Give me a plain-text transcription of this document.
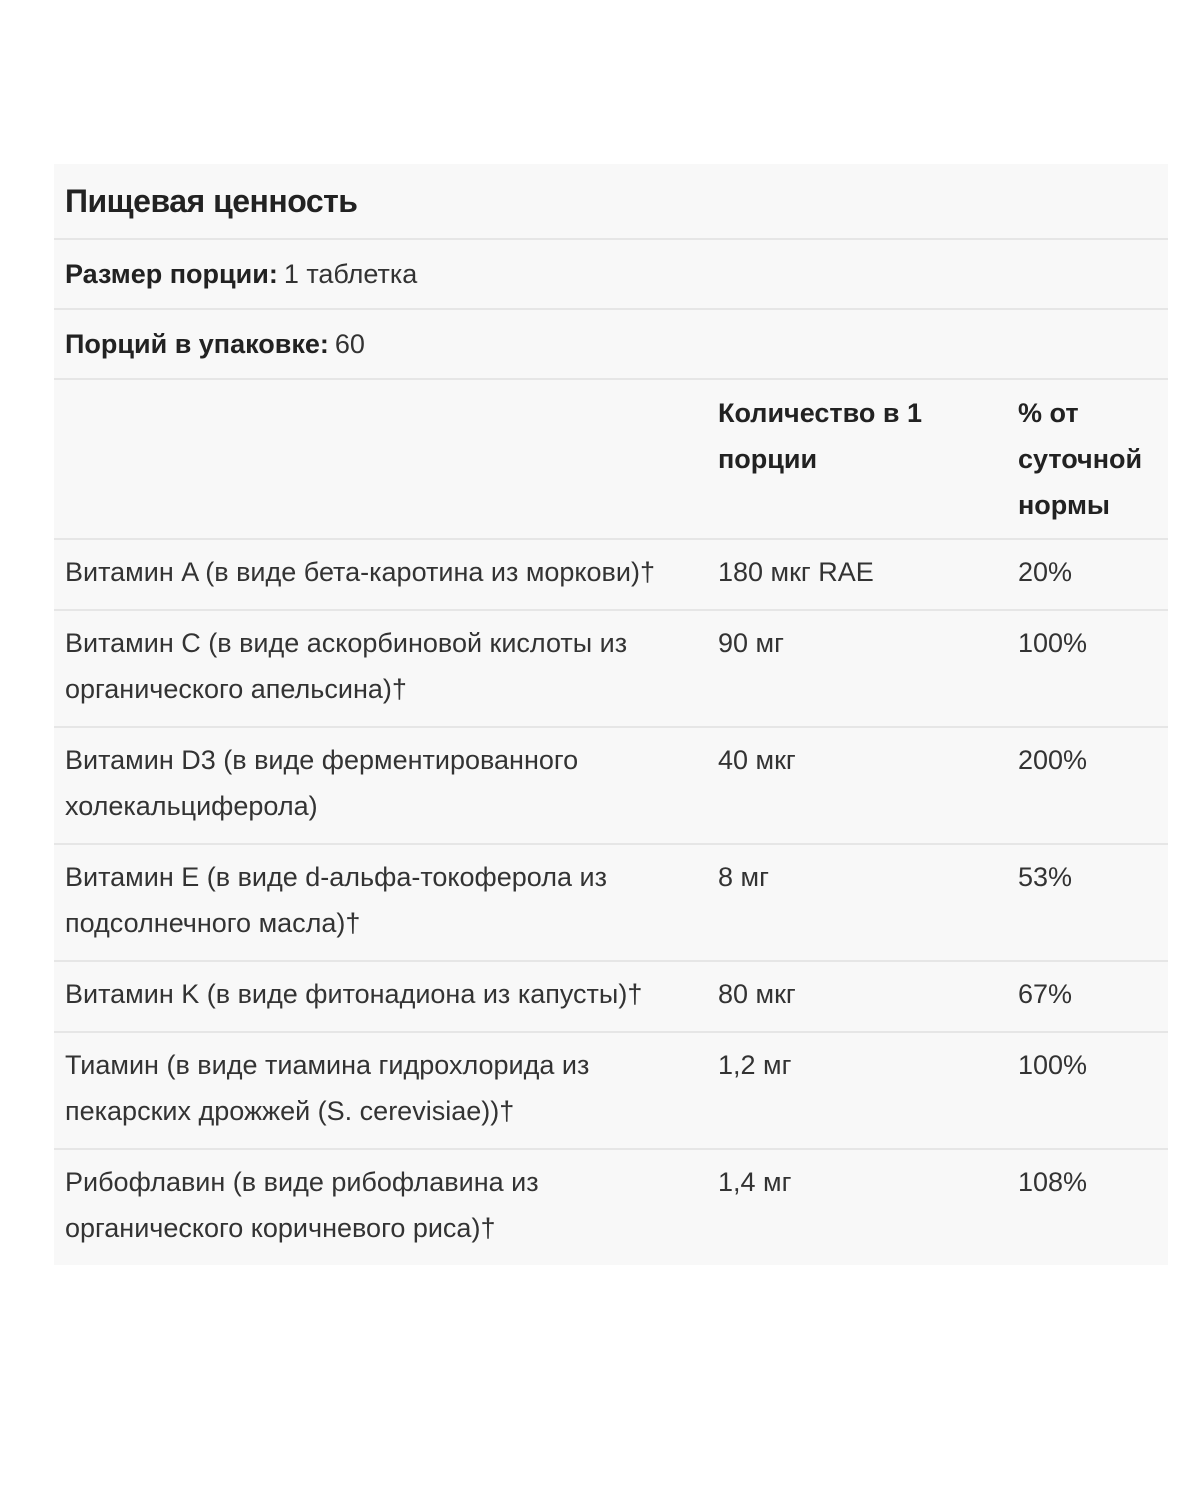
Пищевая ценность
Размер порции: 1 таблетка
Порций в упаковке: 60
	Количество в 1 порции	% от суточной нормы
Витамин A (в виде бета-каротина из моркови)†	180 мкг RAE	20%
Витамин C (в виде аскорбиновой кислоты из органического апельсина)†	90 мг	100%
Витамин D3 (в виде ферментированного холекальциферола)	40 мкг	200%
Витамин E (в виде d-альфа-токоферола из подсолнечного масла)†	8 мг	53%
Витамин K (в виде фитонадиона из капусты)†	80 мкг	67%
Тиамин (в виде тиамина гидрохлорида из пекарских дрожжей (S. cerevisiae))†	1,2 мг	100%
Рибофлавин (в виде рибофлавина из органического коричневого риса)†	1,4 мг	108%
